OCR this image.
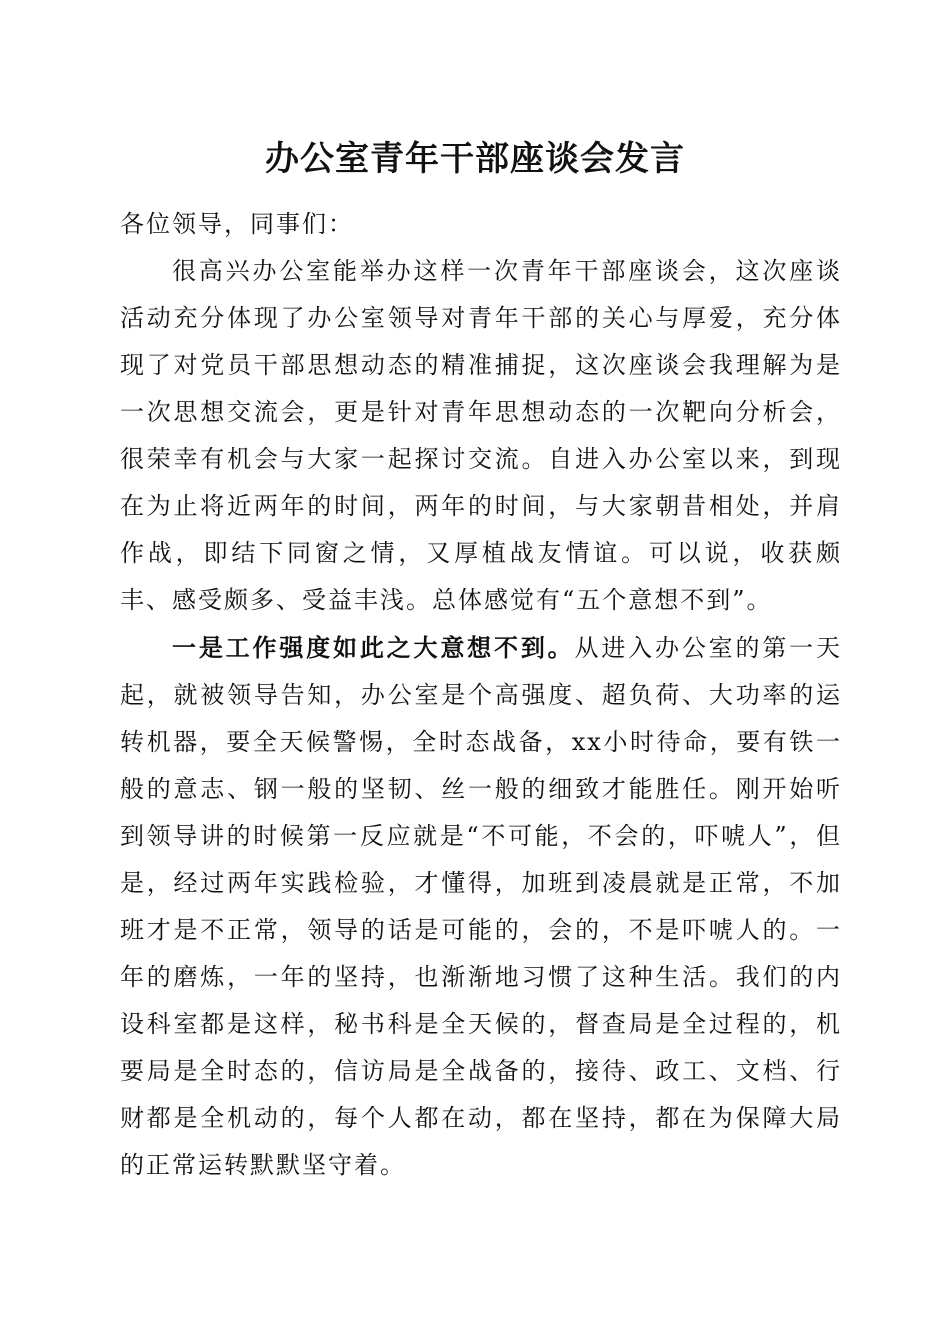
办公室青年干部座谈会发言

各位领导，同事们：

很高兴办公室能举办这样一次青年干部座谈会，这次座谈活动充分体现了办公室领导对青年干部的关心与厚爱，充分体现了对党员干部思想动态的精准捕捉，这次座谈会我理解为是一次思想交流会，更是针对青年思想动态的一次靶向分析会，很荣幸有机会与大家一起探讨交流。自进入办公室以来，到现在为止将近两年的时间，两年的时间，与大家朝昔相处，并肩作战，即结下同窗之情，又厚植战友情谊。可以说，收获颇丰、感受颇多、受益丰浅。总体感觉有“五个意想不到”。

一是工作强度如此之大意想不到。从进入办公室的第一天起，就被领导告知，办公室是个高强度、超负荷、大功率的运转机器，要全天候警惕，全时态战备，xx小时待命，要有铁一般的意志、钢一般的坚韧、丝一般的细致才能胜任。刚开始听到领导讲的时候第一反应就是“不可能，不会的，吓唬人”，但是，经过两年实践检验，才懂得，加班到凌晨就是正常，不加班才是不正常，领导的话是可能的，会的，不是吓唬人的。一年的磨炼，一年的坚持，也渐渐地习惯了这种生活。我们的内设科室都是这样，秘书科是全天候的，督查局是全过程的，机要局是全时态的，信访局是全战备的，接待、政工、文档、行财都是全机动的，每个人都在动，都在坚持，都在为保障大局的正常运转默默坚守着。
